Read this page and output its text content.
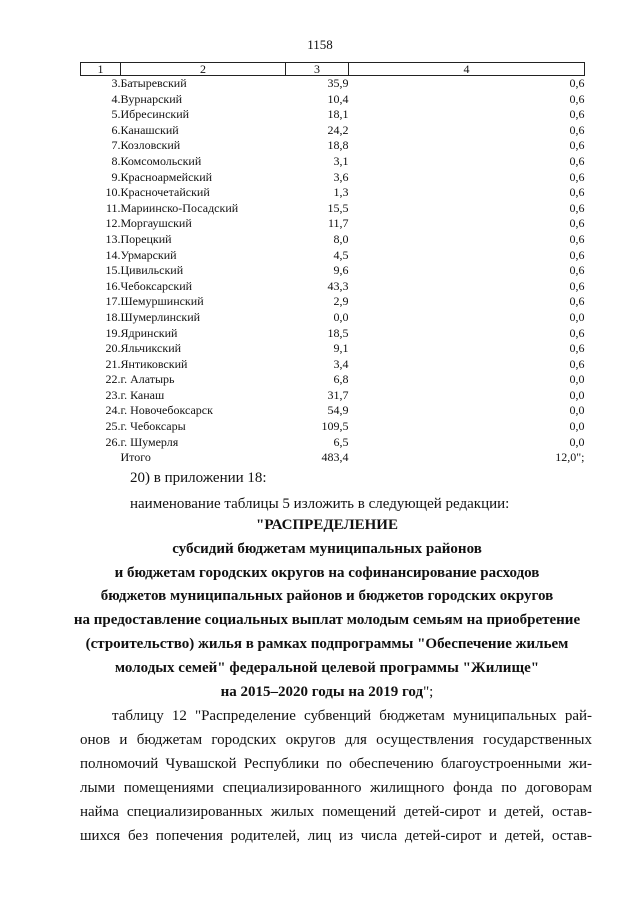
1158
1	2	3	4
3.	Батыревский	35,9	0,6
4.	Вурнарский	10,4	0,6
5.	Ибресинский	18,1	0,6
6.	Канашский	24,2	0,6
7.	Козловский	18,8	0,6
8.	Комсомольский	3,1	0,6
9.	Красноармейский	3,6	0,6
10.	Красночетайский	1,3	0,6
11.	Мариинско-Посадский	15,5	0,6
12.	Моргаушский	11,7	0,6
13.	Порецкий	8,0	0,6
14.	Урмарский	4,5	0,6
15.	Цивильский	9,6	0,6
16.	Чебоксарский	43,3	0,6
17.	Шемуршинский	2,9	0,6
18.	Шумерлинский	0,0	0,0
19.	Ядринский	18,5	0,6
20.	Яльчикский	9,1	0,6
21.	Янтиковский	3,4	0,6
22.	г. Алатырь	6,8	0,0
23.	г. Канаш	31,7	0,0
24.	г. Новочебоксарск	54,9	0,0
25.	г. Чебоксары	109,5	0,0
26.	г. Шумерля	6,5	0,0
	Итого	483,4	12,0";
20) в приложении 18:
наименование таблицы 5 изложить в следующей редакции:
"РАСПРЕДЕЛЕНИЕ
субсидий бюджетам муниципальных районов
и бюджетам городских округов на софинансирование расходов
бюджетов муниципальных районов и бюджетов городских округов
на предоставление социальных выплат молодым семьям на приобретение
(строительство) жилья в рамках подпрограммы "Обеспечение жильем
молодых семей" федеральной целевой программы "Жилище"
на 2015–2020 годы на 2019 год";
таблицу 12 "Распределение субвенций бюджетам муниципальных рай-
онов и бюджетам городских округов для осуществления государственных
полномочий Чувашской Республики по обеспечению благоустроенными жи-
лыми помещениями специализированного жилищного фонда по договорам
найма специализированных жилых помещений детей-сирот и детей, остав-
шихся без попечения родителей, лиц из числа детей-сирот и детей, остав-
